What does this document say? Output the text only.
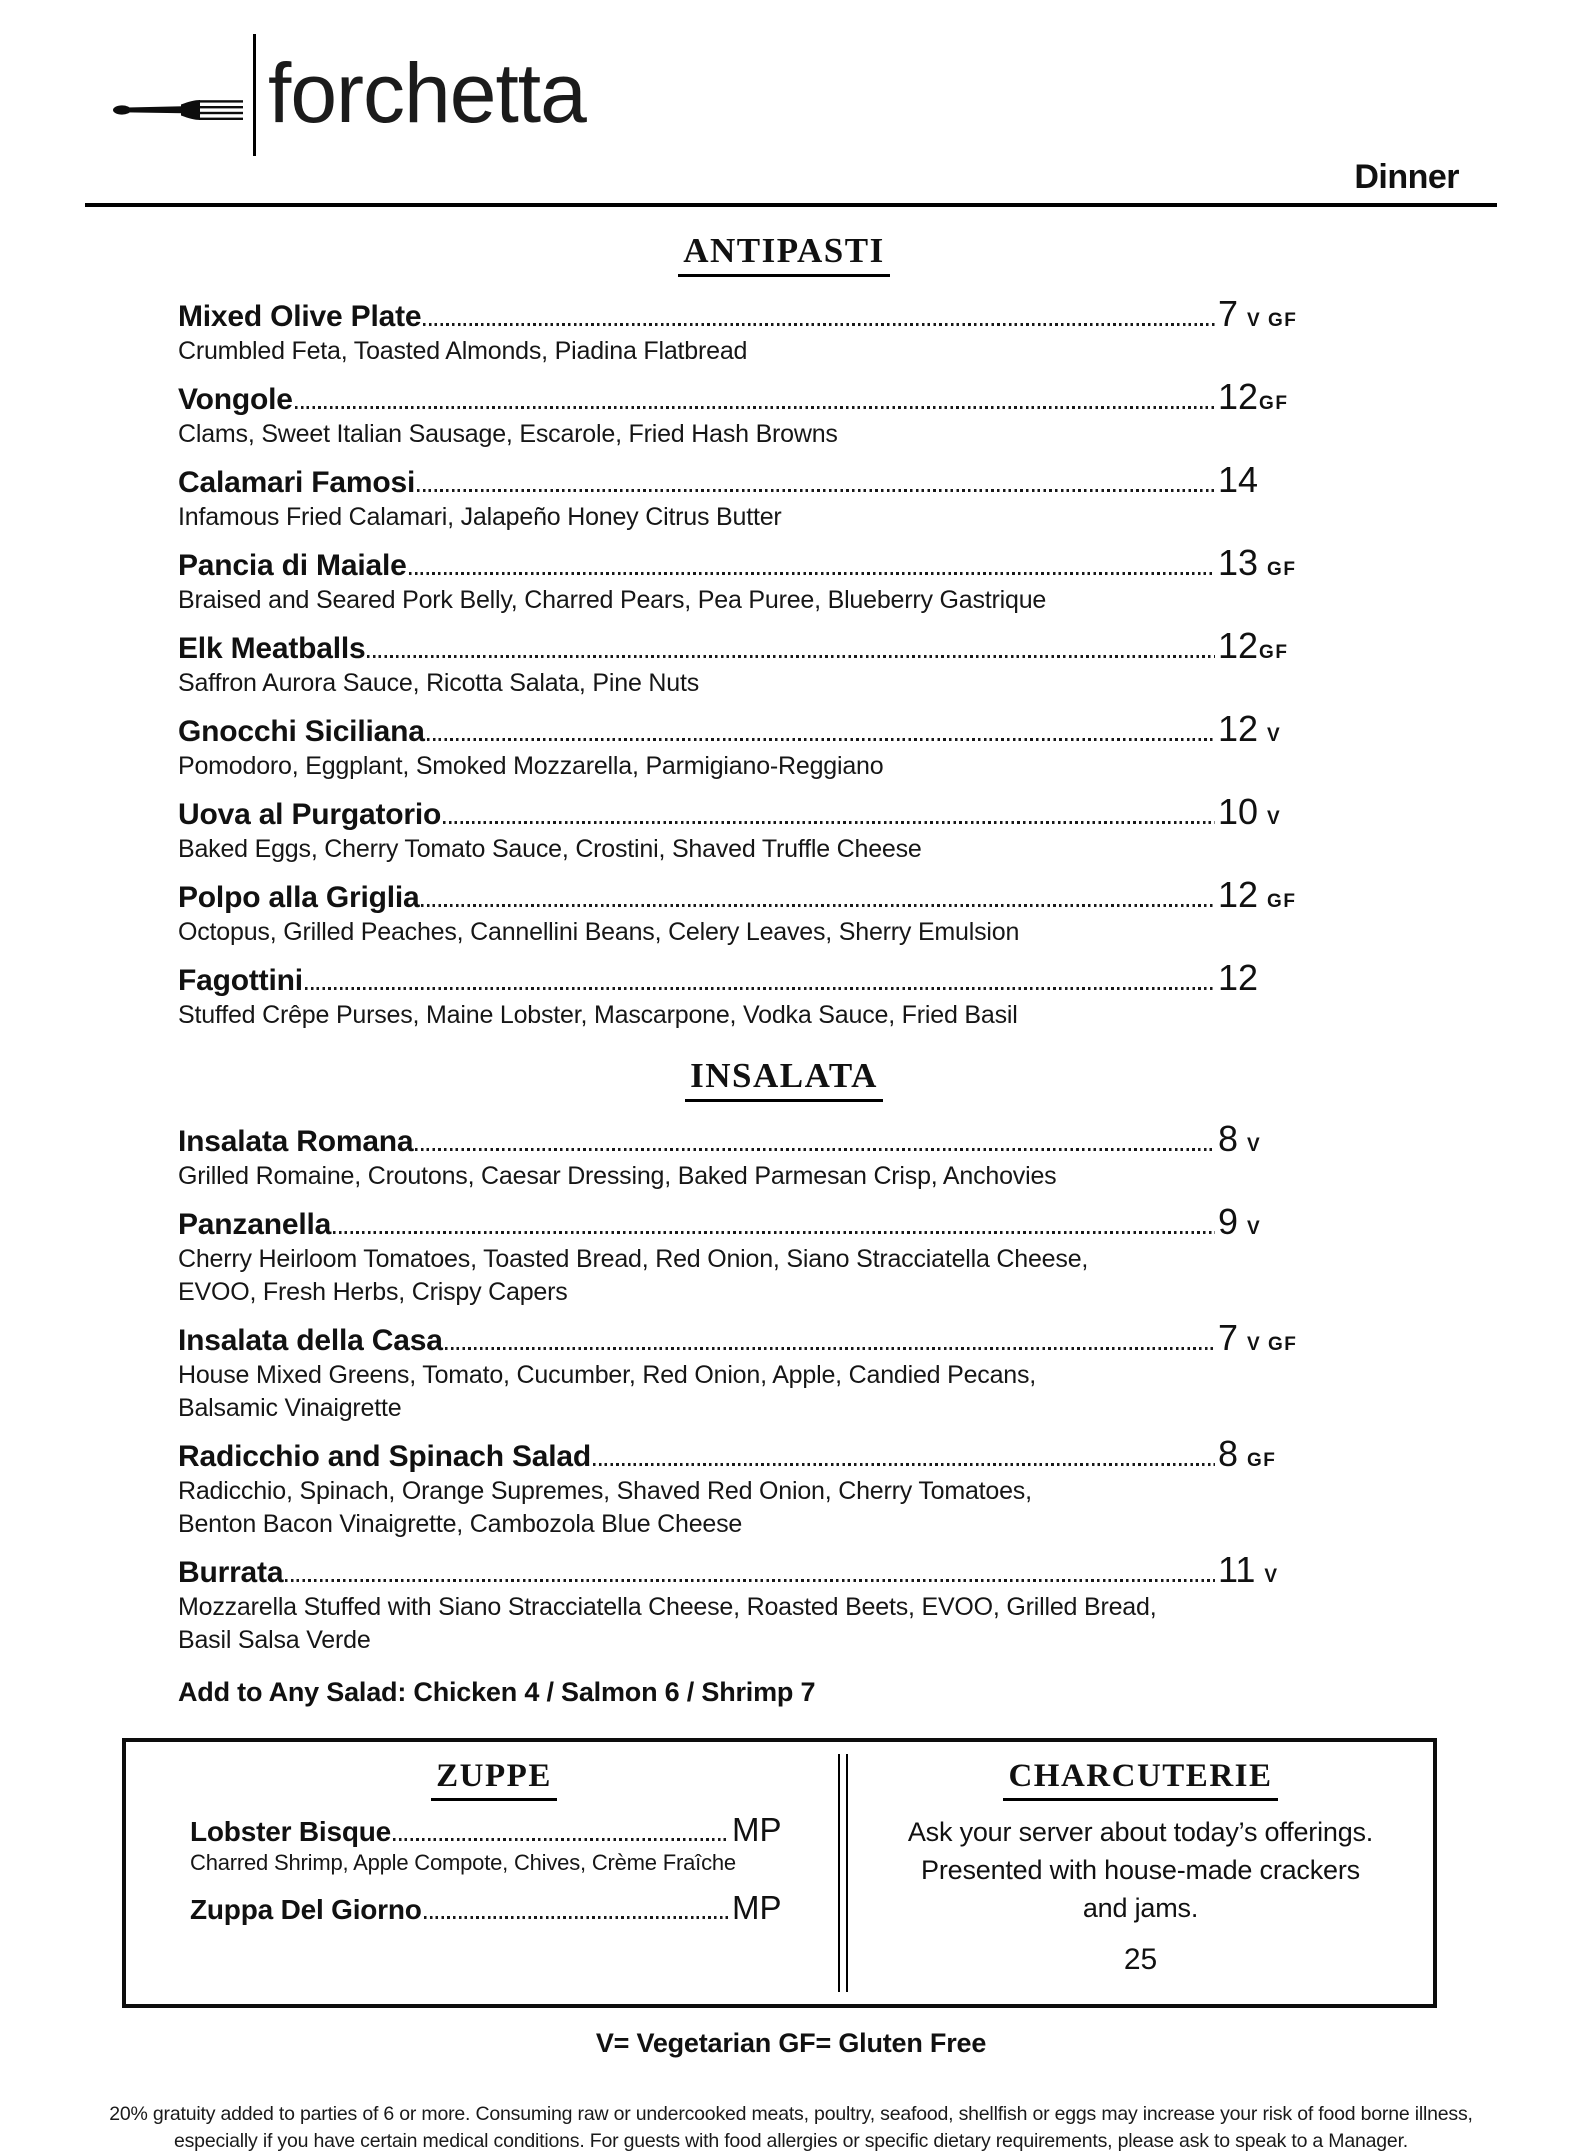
forchetta
Dinner
ANTIPASTI
Mixed Olive Plate	7 V GF
Crumbled Feta, Toasted Almonds, Piadina Flatbread
Vongole	12GF
Clams, Sweet Italian Sausage, Escarole, Fried Hash Browns
Calamari Famosi	14
Infamous Fried Calamari, Jalapeño Honey Citrus Butter
Pancia di Maiale	13 GF
Braised and Seared Pork Belly, Charred Pears, Pea Puree, Blueberry Gastrique
Elk Meatballs	12GF
Saffron Aurora Sauce, Ricotta Salata, Pine Nuts
Gnocchi Siciliana	12 V
Pomodoro, Eggplant, Smoked Mozzarella, Parmigiano-Reggiano
Uova al Purgatorio	10 V
Baked Eggs, Cherry Tomato Sauce, Crostini, Shaved Truffle Cheese
Polpo alla Griglia	12 GF
Octopus, Grilled Peaches, Cannellini Beans, Celery Leaves, Sherry Emulsion
Fagottini	12
Stuffed Crêpe Purses, Maine Lobster, Mascarpone, Vodka Sauce, Fried Basil
INSALATA
Insalata Romana	8 V
Grilled Romaine, Croutons, Caesar Dressing, Baked Parmesan Crisp, Anchovies
Panzanella	9 V
Cherry Heirloom Tomatoes, Toasted Bread, Red Onion, Siano Stracciatella Cheese,
EVOO, Fresh Herbs, Crispy Capers
Insalata della Casa	7 V GF
House Mixed Greens, Tomato, Cucumber, Red Onion, Apple, Candied Pecans,
Balsamic Vinaigrette
Radicchio and Spinach Salad	8 GF
Radicchio, Spinach, Orange Supremes, Shaved Red Onion, Cherry Tomatoes,
Benton Bacon Vinaigrette, Cambozola Blue Cheese
Burrata	11 V
Mozzarella Stuffed with Siano Stracciatella Cheese, Roasted Beets, EVOO, Grilled Bread,
Basil Salsa Verde

Add to Any Salad: Chicken 4 / Salmon 6 / Shrimp 7

ZUPPE
Lobster Bisque	MP
Charred Shrimp, Apple Compote, Chives, Crème Fraîche
Zuppa Del Giorno	MP
CHARCUTERIE
Ask your server about today’s offerings.
Presented with house-made crackers
and jams.
25
V= Vegetarian GF= Gluten Free
20% gratuity added to parties of 6 or more. Consuming raw or undercooked meats, poultry, seafood, shellfish or eggs may increase your risk of food borne illness,
especially if you have certain medical conditions. For guests with food allergies or specific dietary requirements, please ask to speak to a Manager.
